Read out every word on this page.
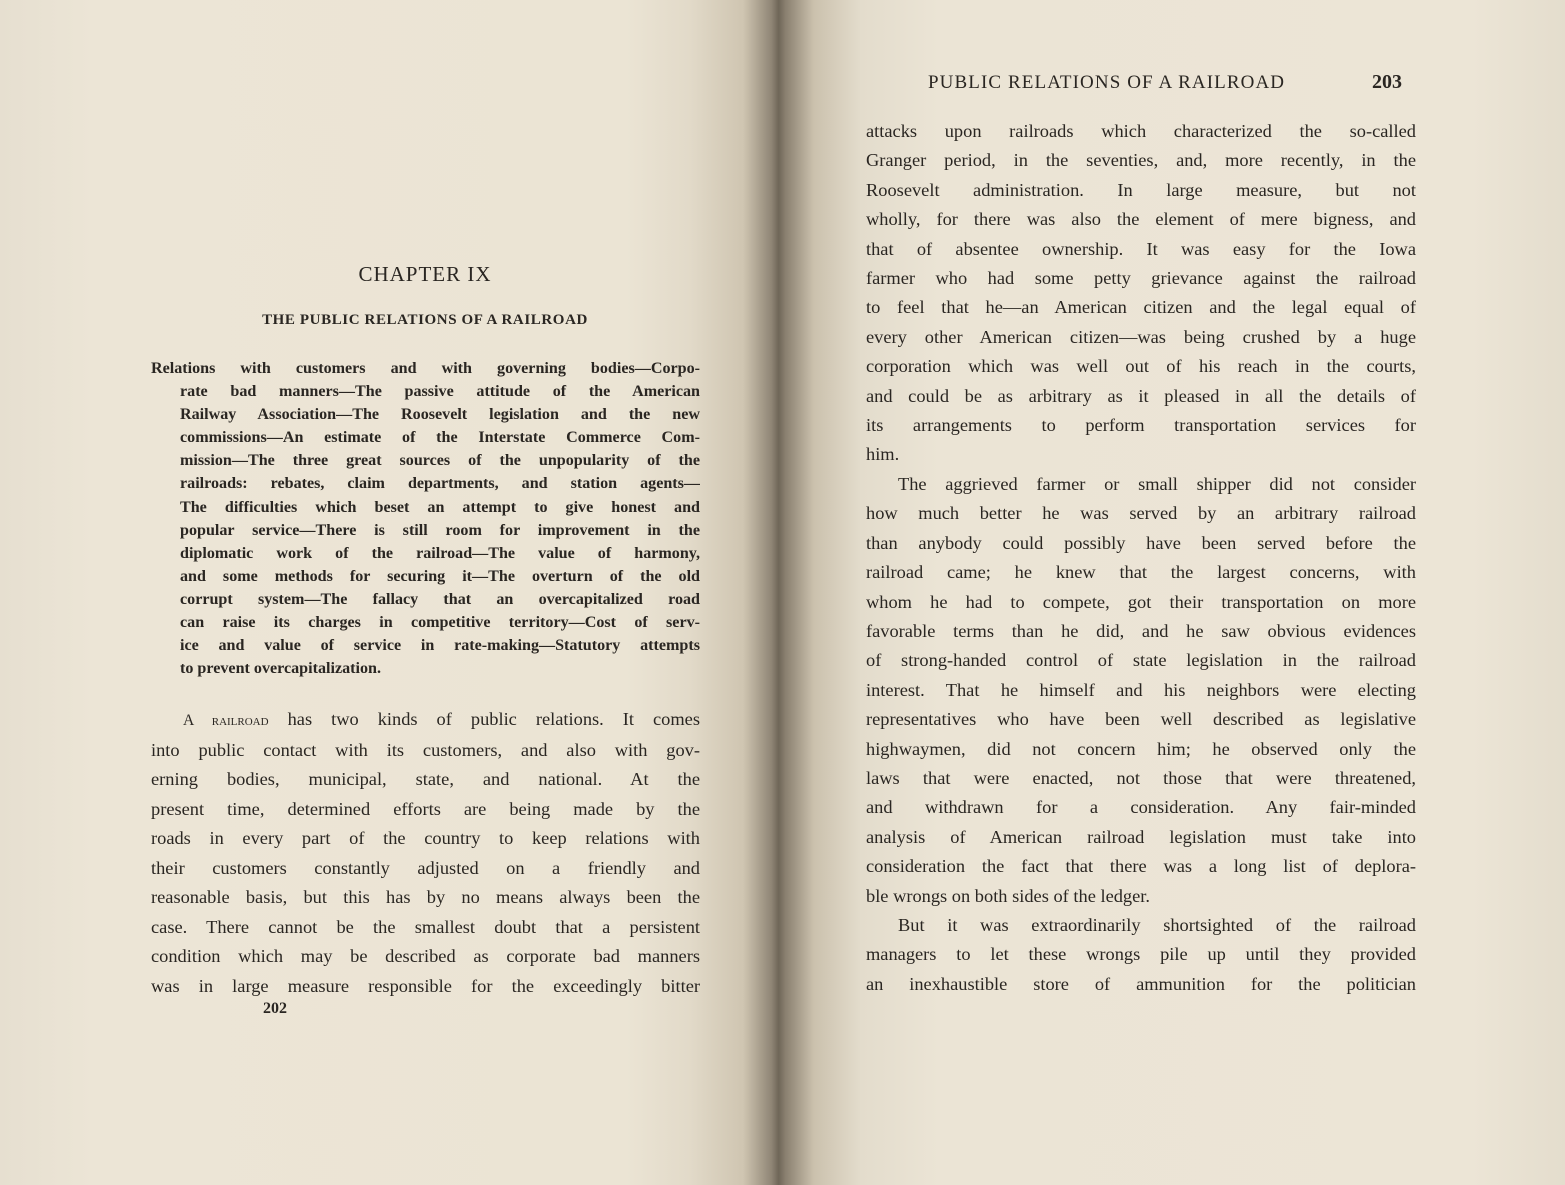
CHAPTER IX
THE PUBLIC RELATIONS OF A RAILROAD
Relations with customers and with governing bodies—Corpo-
rate bad manners—The passive attitude of the American
Railway Association—The Roosevelt legislation and the new
commissions—An estimate of the Interstate Commerce Com-
mission—The three great sources of the unpopularity of the
railroads: rebates, claim departments, and station agents—
The difficulties which beset an attempt to give honest and
popular service—There is still room for improvement in the
diplomatic work of the railroad—The value of harmony,
and some methods for securing it—The overturn of the old
corrupt system—The fallacy that an overcapitalized road
can raise its charges in competitive territory—Cost of serv-
ice and value of service in rate-making—Statutory attempts
to prevent overcapitalization.
A railroad has two kinds of public relations. It comes
into public contact with its customers, and also with gov-
erning bodies, municipal, state, and national. At the
present time, determined efforts are being made by the
roads in every part of the country to keep relations with
their customers constantly adjusted on a friendly and
reasonable basis, but this has by no means always been the
case. There cannot be the smallest doubt that a persistent
condition which may be described as corporate bad manners
was in large measure responsible for the exceedingly bitter
202
PUBLIC RELATIONS OF A RAILROAD	203
attacks upon railroads which characterized the so-called
Granger period, in the seventies, and, more recently, in the
Roosevelt administration. In large measure, but not
wholly, for there was also the element of mere bigness, and
that of absentee ownership. It was easy for the Iowa
farmer who had some petty grievance against the railroad
to feel that he—an American citizen and the legal equal of
every other American citizen—was being crushed by a huge
corporation which was well out of his reach in the courts,
and could be as arbitrary as it pleased in all the details of
its arrangements to perform transportation services for
him.
The aggrieved farmer or small shipper did not consider
how much better he was served by an arbitrary railroad
than anybody could possibly have been served before the
railroad came; he knew that the largest concerns, with
whom he had to compete, got their transportation on more
favorable terms than he did, and he saw obvious evidences
of strong-handed control of state legislation in the railroad
interest. That he himself and his neighbors were electing
representatives who have been well described as legislative
highwaymen, did not concern him; he observed only the
laws that were enacted, not those that were threatened,
and withdrawn for a consideration. Any fair-minded
analysis of American railroad legislation must take into
consideration the fact that there was a long list of deplora-
ble wrongs on both sides of the ledger.
But it was extraordinarily shortsighted of the railroad
managers to let these wrongs pile up until they provided
an inexhaustible store of ammunition for the politician
